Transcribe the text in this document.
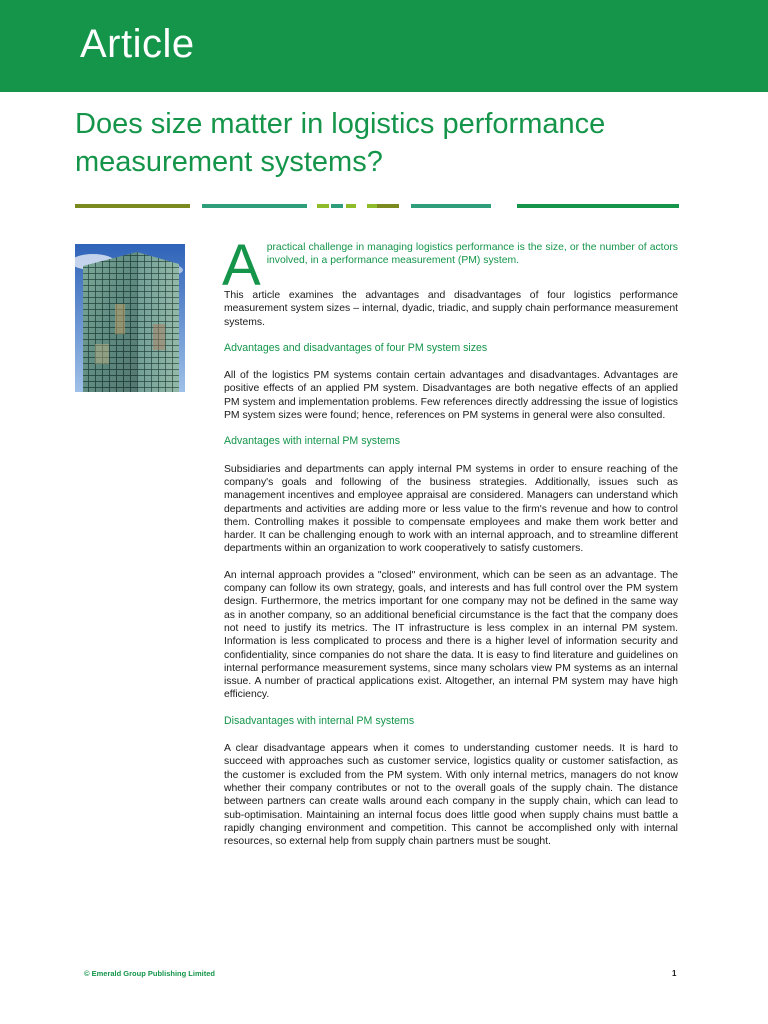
Article
Does size matter in logistics performance measurement systems?
A practical challenge in managing logistics performance is the size, or the number of actors involved, in a performance measurement (PM) system.

This article examines the advantages and disadvantages of four logistics performance measurement system sizes – internal, dyadic, triadic, and supply chain performance measurement systems.

Advantages and disadvantages of four PM system sizes

All of the logistics PM systems contain certain advantages and disadvantages. Advantages are positive effects of an applied PM system. Disadvantages are both negative effects of an applied PM system and implementation problems. Few references directly addressing the issue of logistics PM system sizes were found; hence, references on PM systems in general were also consulted.

Advantages with internal PM systems

Subsidiaries and departments can apply internal PM systems in order to ensure reaching of the company's goals and following of the business strategies. Additionally, issues such as management incentives and employee appraisal are considered. Managers can understand which departments and activities are adding more or less value to the firm's revenue and how to control them. Controlling makes it possible to compensate employees and make them work better and harder. It can be challenging enough to work with an internal approach, and to streamline different departments within an organization to work cooperatively to satisfy customers.

An internal approach provides a "closed" environment, which can be seen as an advantage. The company can follow its own strategy, goals, and interests and has full control over the PM system design. Furthermore, the metrics important for one company may not be defined in the same way as in another company, so an additional beneficial circumstance is the fact that the company does not need to justify its metrics. The IT infrastructure is less complex in an internal PM system. Information is less complicated to process and there is a higher level of information security and confidentiality, since companies do not share the data. It is easy to find literature and guidelines on internal performance measurement systems, since many scholars view PM systems as an internal issue. A number of practical applications exist. Altogether, an internal PM system may have high efficiency.

Disadvantages with internal PM systems

A clear disadvantage appears when it comes to understanding customer needs. It is hard to succeed with approaches such as customer service, logistics quality or customer satisfaction, as the customer is excluded from the PM system. With only internal metrics, managers do not know whether their company contributes or not to the overall goals of the supply chain. The distance between partners can create walls around each company in the supply chain, which can lead to sub-optimisation. Maintaining an internal focus does little good when supply chains must battle a rapidly changing environment and competition. This cannot be accomplished only with internal resources, so external help from supply chain partners must be sought.

© Emerald Group Publishing Limited	1
